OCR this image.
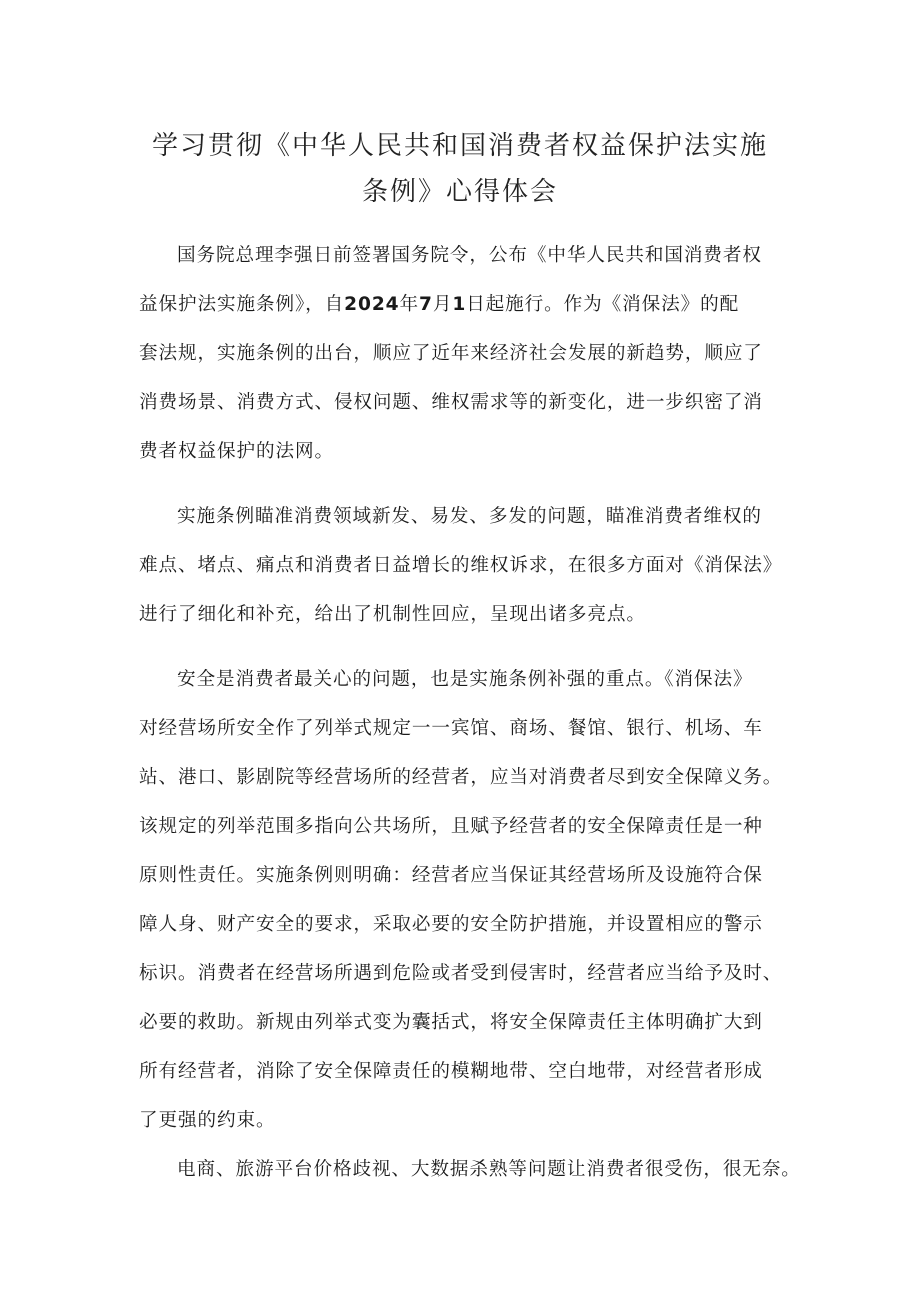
学习贯彻《中华人民共和国消费者权益保护法实施
条例》心得体会
国务院总理李强日前签署国务院令，公布《中华人民共和国消费者权
益保护法实施条例》，自2024年7月1日起施行。作为《消保法》的配
套法规，实施条例的出台，顺应了近年来经济社会发展的新趋势，顺应了
消费场景、消费方式、侵权问题、维权需求等的新变化，进一步织密了消
费者权益保护的法网。
实施条例瞄准消费领域新发、易发、多发的问题，瞄准消费者维权的
难点、堵点、痛点和消费者日益增长的维权诉求，在很多方面对《消保法》
进行了细化和补充，给出了机制性回应，呈现出诸多亮点。
安全是消费者最关心的问题，也是实施条例补强的重点。《消保法》
对经营场所安全作了列举式规定一一宾馆、商场、餐馆、银行、机场、车
站、港口、影剧院等经营场所的经营者，应当对消费者尽到安全保障义务。
该规定的列举范围多指向公共场所，且赋予经营者的安全保障责任是一种
原则性责任。实施条例则明确：经营者应当保证其经营场所及设施符合保
障人身、财产安全的要求，采取必要的安全防护措施，并设置相应的警示
标识。消费者在经营场所遇到危险或者受到侵害时，经营者应当给予及时、
必要的救助。新规由列举式变为囊括式，将安全保障责任主体明确扩大到
所有经营者，消除了安全保障责任的模糊地带、空白地带，对经营者形成
了更强的约束。
电商、旅游平台价格歧视、大数据杀熟等问题让消费者很受伤，很无奈。
